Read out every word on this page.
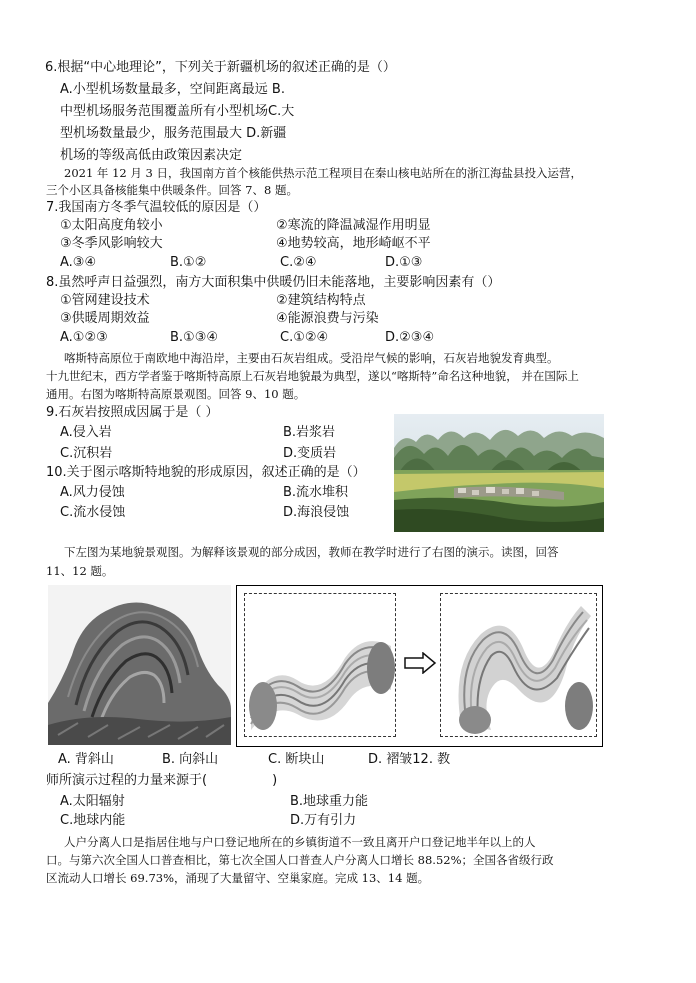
6.根据“中心地理论”，下列关于新疆机场的叙述正确的是（）
A.小型机场数量最多，空间距离最远 B.
中型机场服务范围覆盖所有小型机场C.大
型机场数量最少，服务范围最大 D.新疆
机场的等级高低由政策因素决定
2021 年 12 月 3 日，我国南方首个核能供热示范工程项目在秦山核电站所在的浙江海盐县投入运营，
三个小区具备核能集中供暖条件。回答 7、8 题。
7.我国南方冬季气温较低的原因是（）
①太阳高度角较小	②寒流的降温减湿作用明显
③冬季风影响较大	④地势较高，地形崎岖不平
A.③④	B.①②	C.②④	D.①③
8.虽然呼声日益强烈，南方大面积集中供暖仍旧未能落地，主要影响因素有（）
①管网建设技术	②建筑结构特点
③供暖周期效益	④能源浪费与污染
A.①②③	B.①③④	C.①②④	D.②③④
喀斯特高原位于南欧地中海沿岸，主要由石灰岩组成。受沿岸气候的影响，石灰岩地貌发育典型。
十九世纪末，西方学者鉴于喀斯特高原上石灰岩地貌最为典型，遂以“喀斯特”命名这种地貌， 并在国际上
通用。右图为喀斯特高原景观图。回答 9、10 题。
9.石灰岩按照成因属于是（ ）
A.侵入岩	B.岩浆岩
C.沉积岩	D.变质岩
10.关于图示喀斯特地貌的形成原因，叙述正确的是（）
A.风力侵蚀	B.流水堆积
C.流水侵蚀	D.海浪侵蚀
下左图为某地貌景观图。为解释该景观的部分成因，教师在教学时进行了右图的演示。读图，回答
11、12 题。
A. 背斜山	B. 向斜山	C. 断块山	D. 褶皱12. 教
师所演示过程的力量来源于(　　　　　)
A.太阳辐射	B.地球重力能
C.地球内能	D.万有引力
人户分离人口是指居住地与户口登记地所在的乡镇街道不一致且离开户口登记地半年以上的人
口。与第六次全国人口普查相比，第七次全国人口普查人户分离人口增长 88.52%；全国各省级行政
区流动人口增长 69.73%，涌现了大量留守、空巢家庭。完成 13、14 题。
